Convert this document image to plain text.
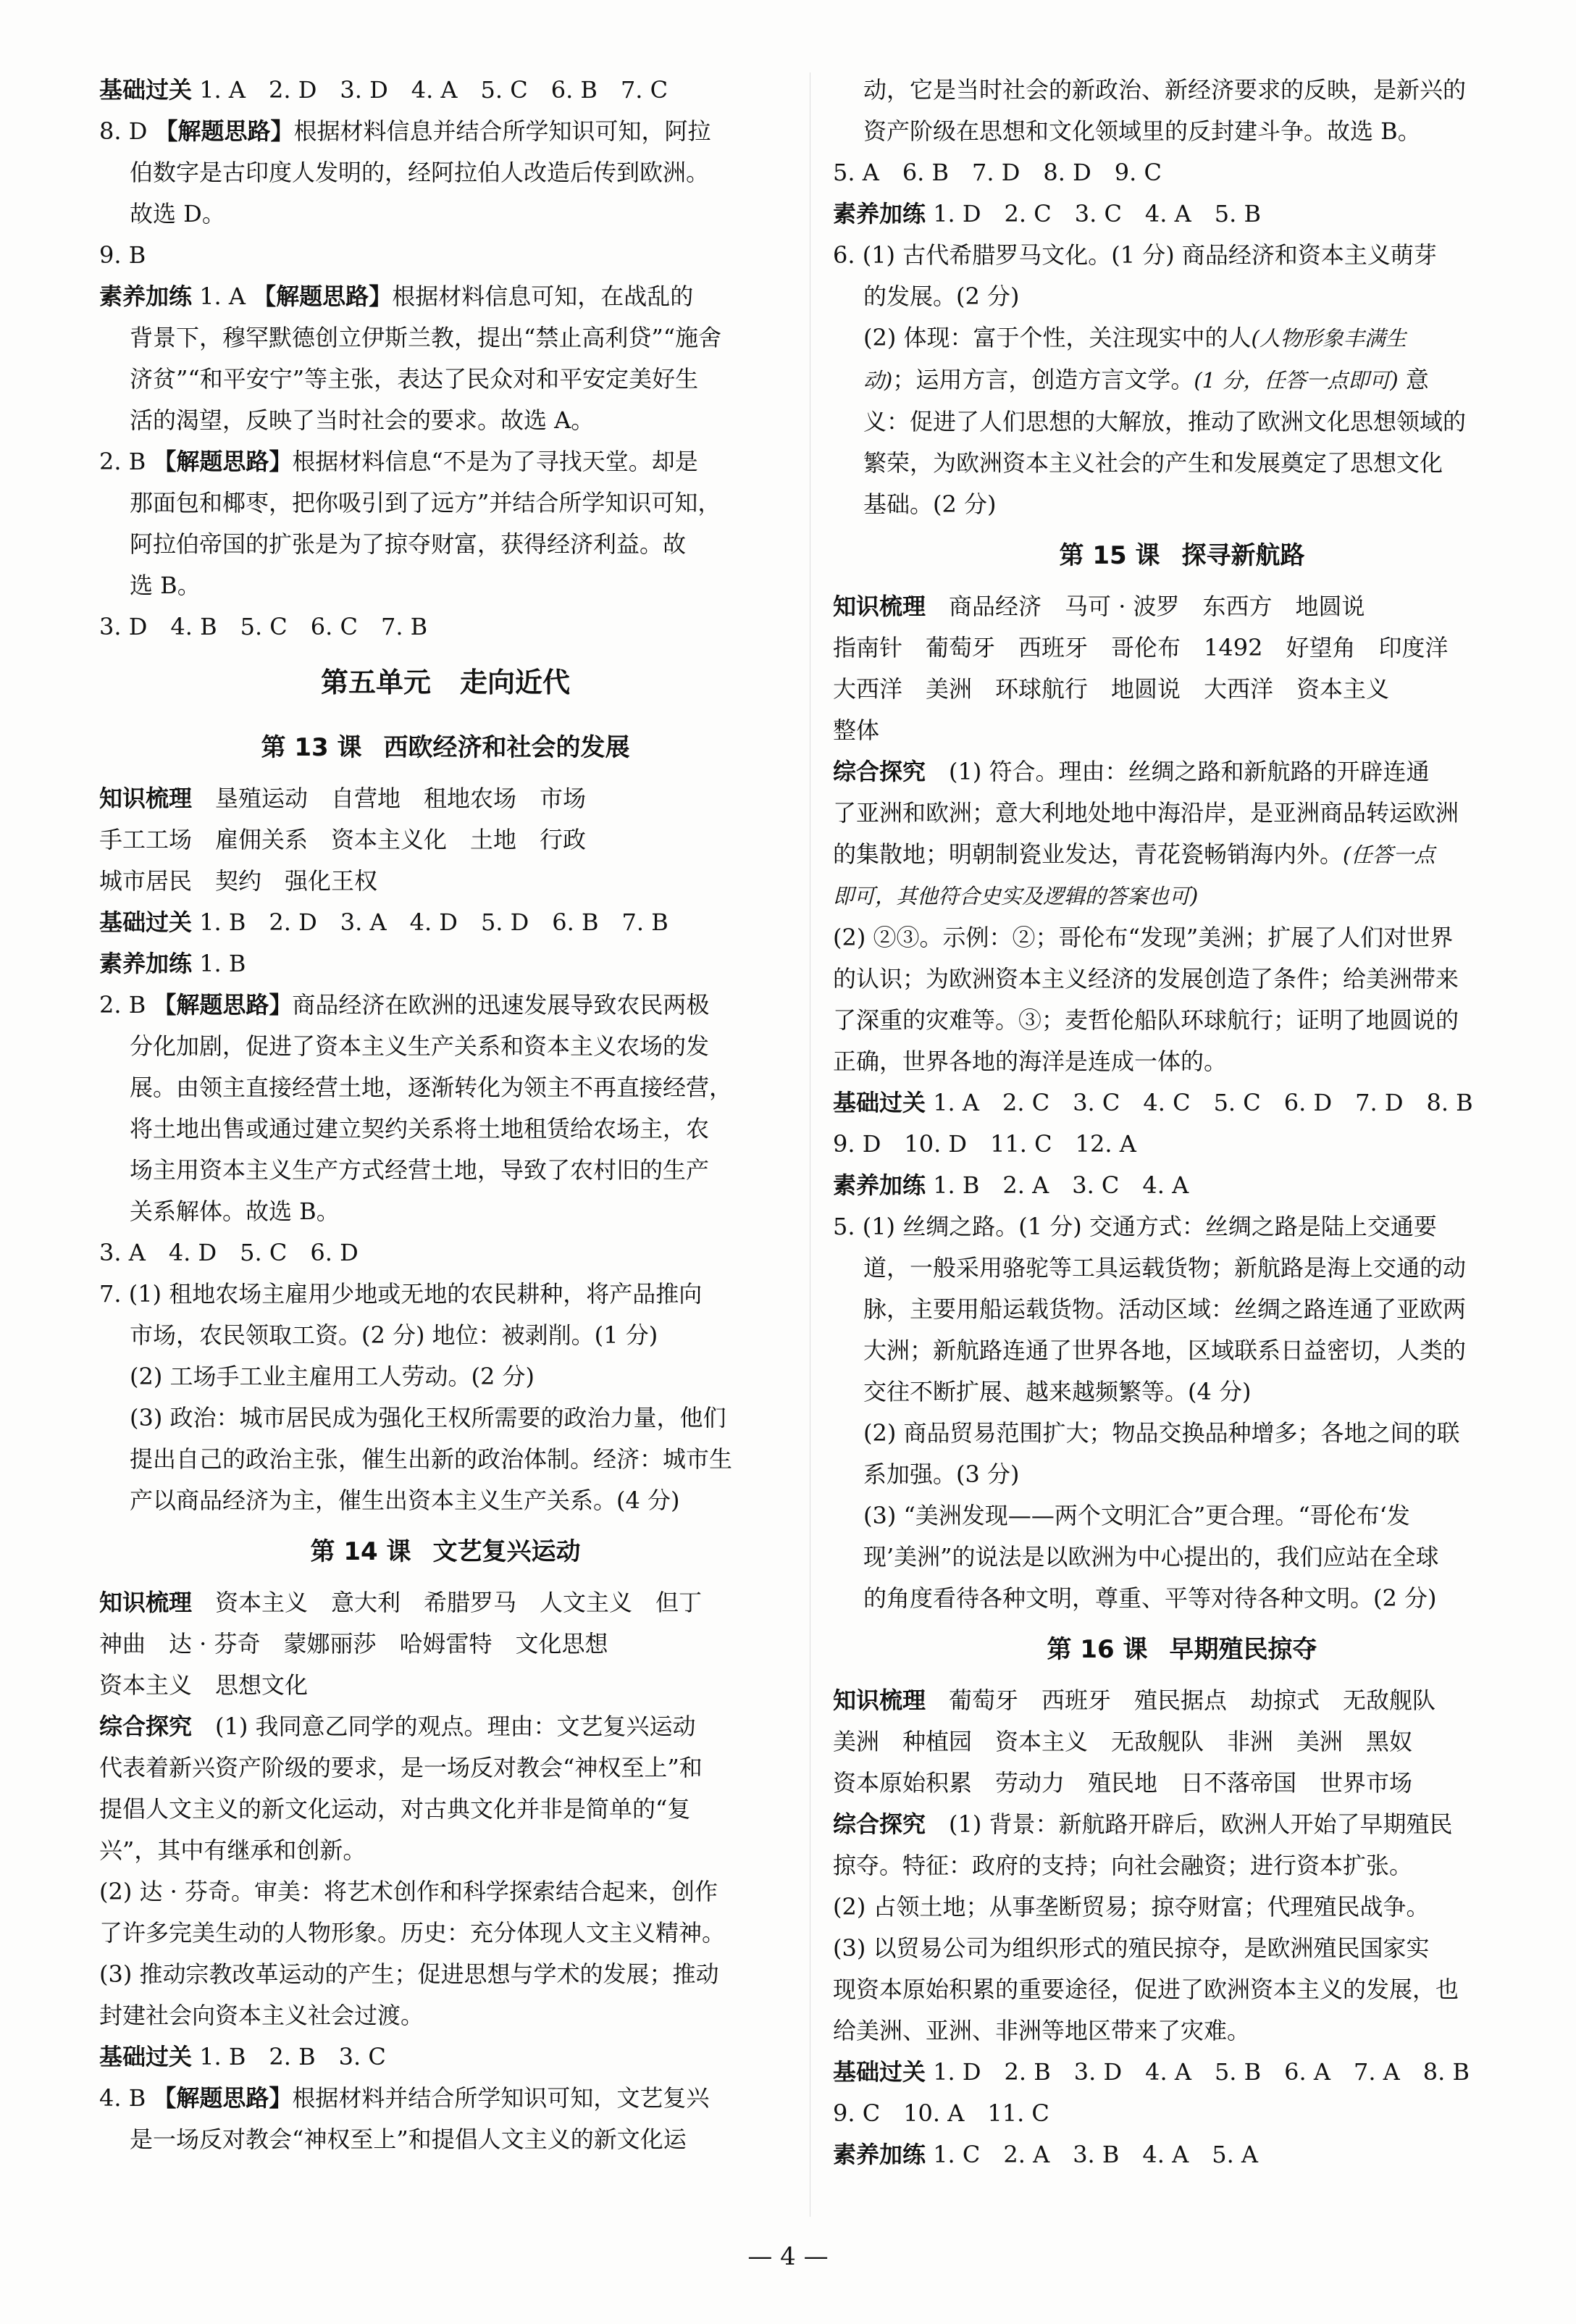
基础过关 1. A　2. D　3. D　4. A　5. C　6. B　7. C
8. D 【解题思路】根据材料信息并结合所学知识可知，阿拉
伯数字是古印度人发明的，经阿拉伯人改造后传到欧洲。
故选 D。
9. B
素养加练 1. A 【解题思路】根据材料信息可知，在战乱的
背景下，穆罕默德创立伊斯兰教，提出“禁止高利贷”“施舍
济贫”“和平安宁”等主张，表达了民众对和平安定美好生
活的渴望，反映了当时社会的要求。故选 A。
2. B 【解题思路】根据材料信息“不是为了寻找天堂。却是
那面包和椰枣，把你吸引到了远方”并结合所学知识可知，
阿拉伯帝国的扩张是为了掠夺财富，获得经济利益。故
选 B。
3. D　4. B　5. C　6. C　7. B
第五单元 走向近代
第 13 课 西欧经济和社会的发展
知识梳理　垦殖运动　自营地　租地农场　市场
手工工场　雇佣关系　资本主义化　土地　行政
城市居民　契约　强化王权
基础过关 1. B　2. D　3. A　4. D　5. D　6. B　7. B
素养加练 1. B
2. B 【解题思路】商品经济在欧洲的迅速发展导致农民两极
分化加剧，促进了资本主义生产关系和资本主义农场的发
展。由领主直接经营土地，逐渐转化为领主不再直接经营，
将土地出售或通过建立契约关系将土地租赁给农场主，农
场主用资本主义生产方式经营土地，导致了农村旧的生产
关系解体。故选 B。
3. A　4. D　5. C　6. D
7. (1) 租地农场主雇用少地或无地的农民耕种，将产品推向
市场，农民领取工资。(2 分) 地位：被剥削。(1 分)
(2) 工场手工业主雇用工人劳动。(2 分)
(3) 政治：城市居民成为强化王权所需要的政治力量，他们
提出自己的政治主张，催生出新的政治体制。经济：城市生
产以商品经济为主，催生出资本主义生产关系。(4 分)
第 14 课 文艺复兴运动
知识梳理　资本主义　意大利　希腊罗马　人文主义　但丁
神曲　达 · 芬奇　蒙娜丽莎　哈姆雷特　文化思想
资本主义　思想文化
综合探究　(1) 我同意乙同学的观点。理由：文艺复兴运动
代表着新兴资产阶级的要求，是一场反对教会“神权至上”和
提倡人文主义的新文化运动，对古典文化并非是简单的“复
兴”，其中有继承和创新。
(2) 达 · 芬奇。审美：将艺术创作和科学探索结合起来，创作
了许多完美生动的人物形象。历史：充分体现人文主义精神。
(3) 推动宗教改革运动的产生；促进思想与学术的发展；推动
封建社会向资本主义社会过渡。
基础过关 1. B　2. B　3. C
4. B 【解题思路】根据材料并结合所学知识可知，文艺复兴
是一场反对教会“神权至上”和提倡人文主义的新文化运
动，它是当时社会的新政治、新经济要求的反映，是新兴的
资产阶级在思想和文化领域里的反封建斗争。故选 B。
5. A　6. B　7. D　8. D　9. C
素养加练 1. D　2. C　3. C　4. A　5. B
6. (1) 古代希腊罗马文化。(1 分) 商品经济和资本主义萌芽
的发展。(2 分)
(2) 体现：富于个性，关注现实中的人(人物形象丰满生
动)；运用方言，创造方言文学。(1 分，任答一点即可) 意
义：促进了人们思想的大解放，推动了欧洲文化思想领域的
繁荣，为欧洲资本主义社会的产生和发展奠定了思想文化
基础。(2 分)
第 15 课 探寻新航路
知识梳理　商品经济　马可 · 波罗　东西方　地圆说
指南针　葡萄牙　西班牙　哥伦布　1492　好望角　印度洋
大西洋　美洲　环球航行　地圆说　大西洋　资本主义
整体
综合探究　(1) 符合。理由：丝绸之路和新航路的开辟连通
了亚洲和欧洲；意大利地处地中海沿岸，是亚洲商品转运欧洲
的集散地；明朝制瓷业发达，青花瓷畅销海内外。(任答一点
即可，其他符合史实及逻辑的答案也可)
(2) ②③。示例：②；哥伦布“发现”美洲；扩展了人们对世界
的认识；为欧洲资本主义经济的发展创造了条件；给美洲带来
了深重的灾难等。③；麦哲伦船队环球航行；证明了地圆说的
正确，世界各地的海洋是连成一体的。
基础过关 1. A　2. C　3. C　4. C　5. C　6. D　7. D　8. B
9. D　10. D　11. C　12. A
素养加练 1. B　2. A　3. C　4. A
5. (1) 丝绸之路。(1 分) 交通方式：丝绸之路是陆上交通要
道，一般采用骆驼等工具运载货物；新航路是海上交通的动
脉，主要用船运载货物。活动区域：丝绸之路连通了亚欧两
大洲；新航路连通了世界各地，区域联系日益密切，人类的
交往不断扩展、越来越频繁等。(4 分)
(2) 商品贸易范围扩大；物品交换品种增多；各地之间的联
系加强。(3 分)
(3) “美洲发现——两个文明汇合”更合理。“哥伦布‘发
现’美洲”的说法是以欧洲为中心提出的，我们应站在全球
的角度看待各种文明，尊重、平等对待各种文明。(2 分)
第 16 课 早期殖民掠夺
知识梳理　葡萄牙　西班牙　殖民据点　劫掠式　无敌舰队
美洲　种植园　资本主义　无敌舰队　非洲　美洲　黑奴
资本原始积累　劳动力　殖民地　日不落帝国　世界市场
综合探究　(1) 背景：新航路开辟后，欧洲人开始了早期殖民
掠夺。特征：政府的支持；向社会融资；进行资本扩张。
(2) 占领土地；从事垄断贸易；掠夺财富；代理殖民战争。
(3) 以贸易公司为组织形式的殖民掠夺，是欧洲殖民国家实
现资本原始积累的重要途径，促进了欧洲资本主义的发展，也
给美洲、亚洲、非洲等地区带来了灾难。
基础过关 1. D　2. B　3. D　4. A　5. B　6. A　7. A　8. B
9. C　10. A　11. C
素养加练 1. C　2. A　3. B　4. A　5. A
— 4 —
